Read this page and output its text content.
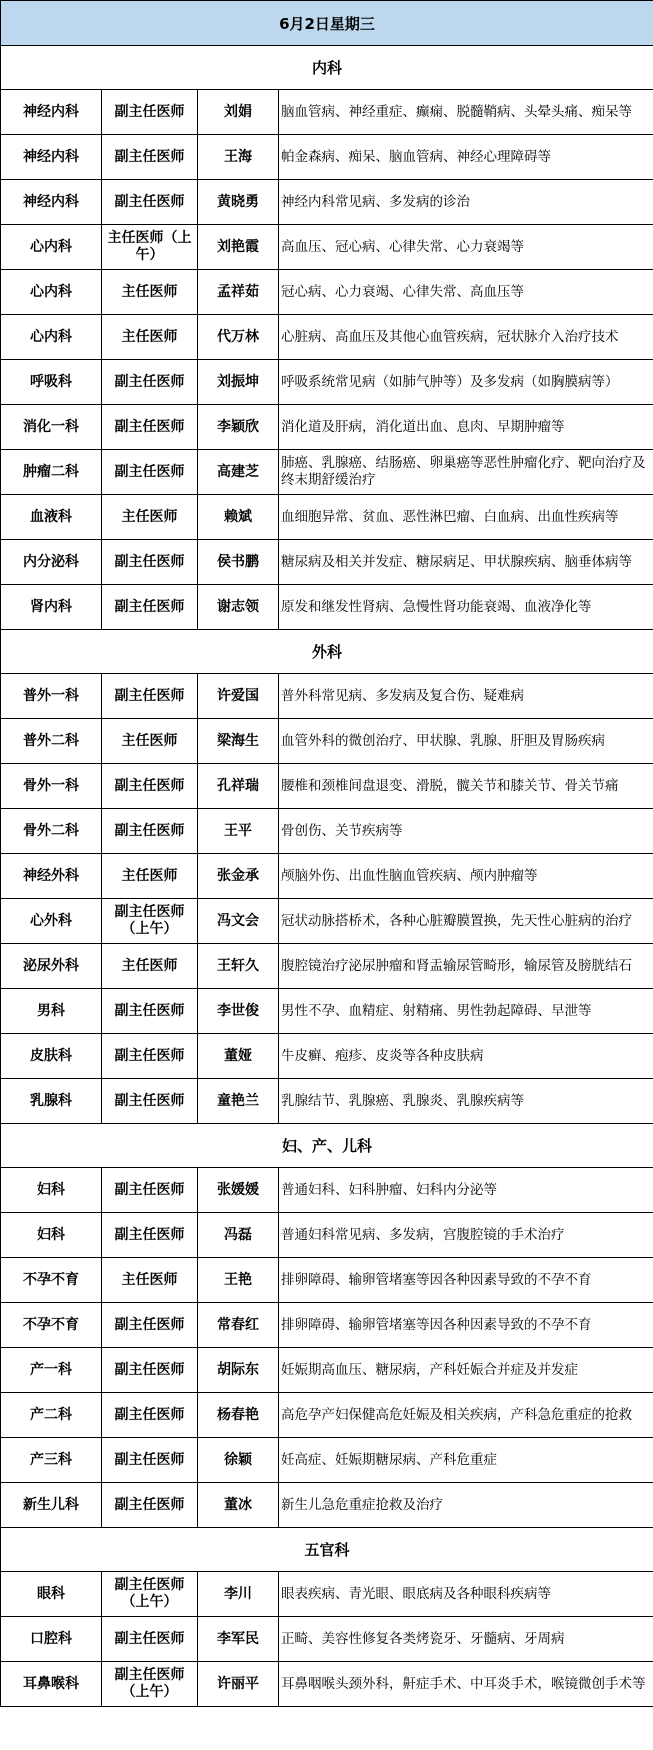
6月2日星期三			
内科			
神经内科	副主任医师	刘娟	脑血管病、神经重症、癫痫、脱髓鞘病、头晕头痛、痴呆等
神经内科	副主任医师	王海	帕金森病、痴呆、脑血管病、神经心理障碍等
神经内科	副主任医师	黄晓勇	神经内科常见病、多发病的诊治
心内科	主任医师（上午）	刘艳霞	高血压、冠心病、心律失常、心力衰竭等
心内科	主任医师	孟祥茹	冠心病、心力衰竭、心律失常、高血压等
心内科	主任医师	代万林	心脏病、高血压及其他心血管疾病，冠状脉介入治疗技术
呼吸科	副主任医师	刘振坤	呼吸系统常见病（如肺气肿等）及多发病（如胸膜病等）
消化一科	副主任医师	李颖欣	消化道及肝病，消化道出血、息肉、早期肿瘤等
肿瘤二科	副主任医师	高建芝	肺癌、乳腺癌、结肠癌、卵巢癌等恶性肿瘤化疗、靶向治疗及终末期舒缓治疗
血液科	主任医师	赖斌	血细胞异常、贫血、恶性淋巴瘤、白血病、出血性疾病等
内分泌科	副主任医师	侯书鹏	糖尿病及相关并发症、糖尿病足、甲状腺疾病、脑垂体病等
肾内科	副主任医师	谢志领	原发和继发性肾病、急慢性肾功能衰竭、血液净化等
外科			
普外一科	副主任医师	许爱国	普外科常见病、多发病及复合伤、疑难病
普外二科	主任医师	梁海生	血管外科的微创治疗、甲状腺、乳腺、肝胆及胃肠疾病
骨外一科	副主任医师	孔祥瑞	腰椎和颈椎间盘退变、滑脱，髋关节和膝关节、骨关节痛
骨外二科	副主任医师	王平	骨创伤、关节疾病等
神经外科	主任医师	张金承	颅脑外伤、出血性脑血管疾病、颅内肿瘤等
心外科	副主任医师（上午）	冯文会	冠状动脉搭桥术，各种心脏瓣膜置换，先天性心脏病的治疗
泌尿外科	主任医师	王轩久	腹腔镜治疗泌尿肿瘤和肾盂输尿管畸形，输尿管及膀胱结石
男科	副主任医师	李世俊	男性不孕、血精症、射精痛、男性勃起障碍、早泄等
皮肤科	副主任医师	董娅	牛皮癣、疱疹、皮炎等各种皮肤病
乳腺科	副主任医师	童艳兰	乳腺结节、乳腺癌、乳腺炎、乳腺疾病等
妇、产、儿科			
妇科	副主任医师	张媛媛	普通妇科、妇科肿瘤、妇科内分泌等
妇科	副主任医师	冯磊	普通妇科常见病、多发病，宫腹腔镜的手术治疗
不孕不育	主任医师	王艳	排卵障碍、输卵管堵塞等因各种因素导致的不孕不育
不孕不育	副主任医师	常春红	排卵障碍、输卵管堵塞等因各种因素导致的不孕不育
产一科	副主任医师	胡际东	妊娠期高血压、糖尿病，产科妊娠合并症及并发症
产二科	副主任医师	杨春艳	高危孕产妇保健高危妊娠及相关疾病，产科急危重症的抢救
产三科	副主任医师	徐颖	妊高症、妊娠期糖尿病、产科危重症
新生儿科	副主任医师	董冰	新生儿急危重症抢救及治疗
五官科			
眼科	副主任医师（上午）	李川	眼表疾病、青光眼、眼底病及各种眼科疾病等
口腔科	副主任医师	李军民	正畸、美容性修复各类烤瓷牙、牙髓病、牙周病
耳鼻喉科	副主任医师（上午）	许丽平	耳鼻咽喉头颈外科，鼾症手术、中耳炎手术，喉镜微创手术等
